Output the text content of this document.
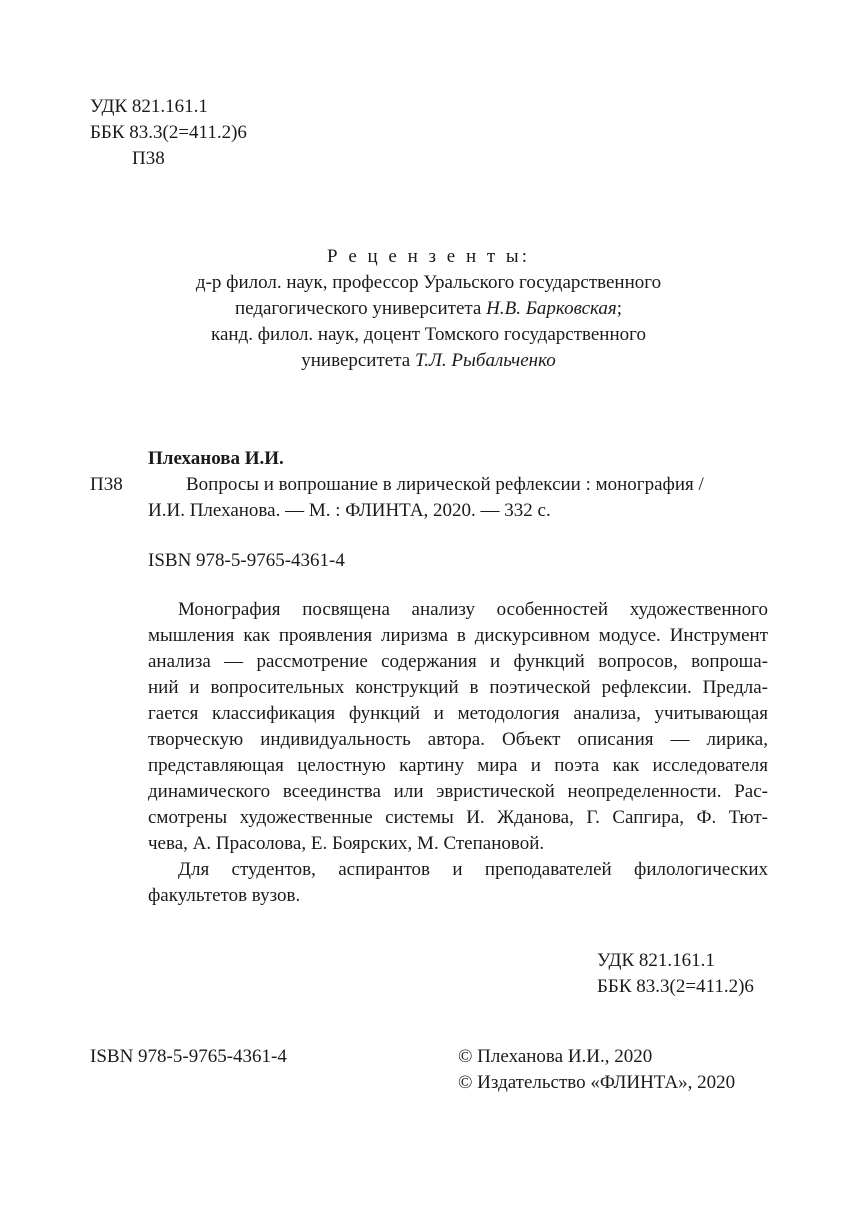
УДК 821.161.1
ББК 83.3(2=411.2)6
П38
Р е ц е н з е н т ы:
д-р филол. наук, профессор Уральского государственного
педагогического университета Н.В. Барковская;
канд. филол. наук, доцент Томского государственного
университета Т.Л. Рыбальченко
Плеханова И.И.
П38	Вопросы и вопрошание в лирической рефлексии : монография /
И.И. Плеханова. — М. : ФЛИНТА, 2020. — 332 с.
ISBN 978-5-9765-4361-4
Монография посвящена анализу особенностей художественного
мышления как проявления лиризма в дискурсивном модусе. Инструмент
анализа — рассмотрение содержания и функций вопросов, вопроша-
ний и вопросительных конструкций в поэтической рефлексии. Предла-
гается классификация функций и методология анализа, учитывающая
творческую индивидуальность автора. Объект описания — лирика,
представляющая целостную картину мира и поэта как исследователя
динамического всеединства или эвристической неопределенности. Рас-
смотрены художественные системы И. Жданова, Г. Сапгира, Ф. Тют-
чева, А. Прасолова, Е. Боярских, М. Степановой.
Для студентов, аспирантов и преподавателей филологических
факультетов вузов.
УДК 821.161.1
ББК 83.3(2=411.2)6
ISBN 978-5-9765-4361-4	© Плеханова И.И., 2020
© Издательство «ФЛИНТА», 2020
